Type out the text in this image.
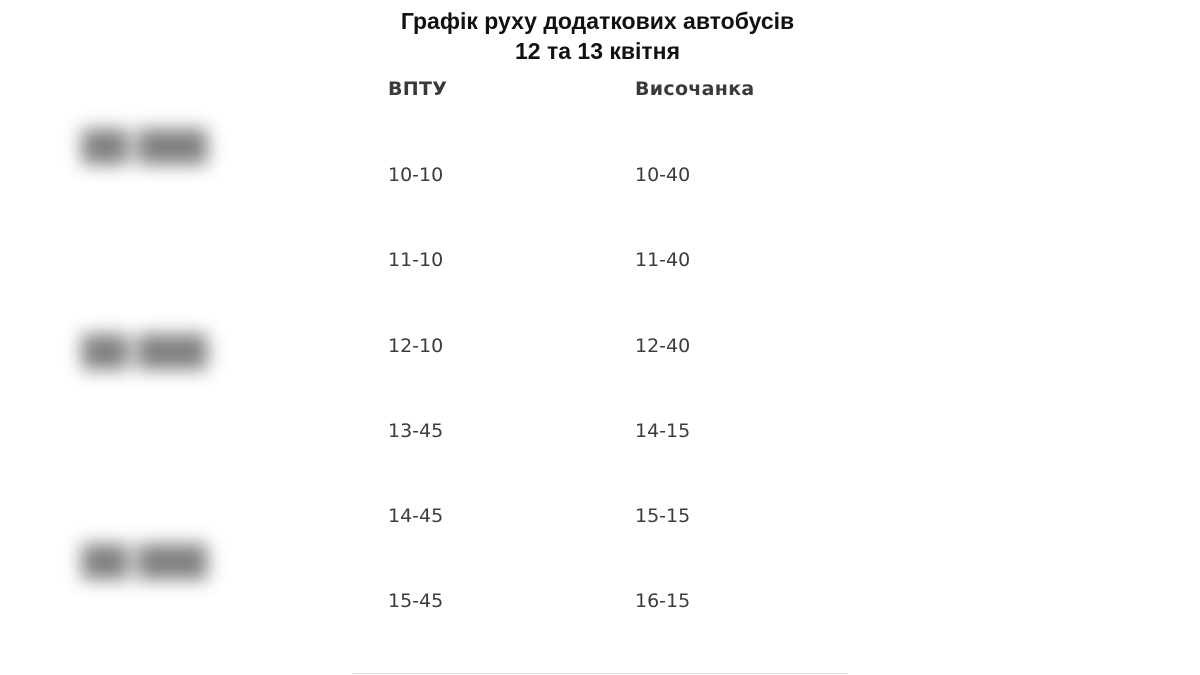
Графік руху додаткових автобусів
12 та 13 квітня
██ ███
██ ███
██ ███
ВПТУ	Височанка
10-10	10-40
11-10	11-40
12-10	12-40
13-45	14-15
14-45	15-15
15-45	16-15
